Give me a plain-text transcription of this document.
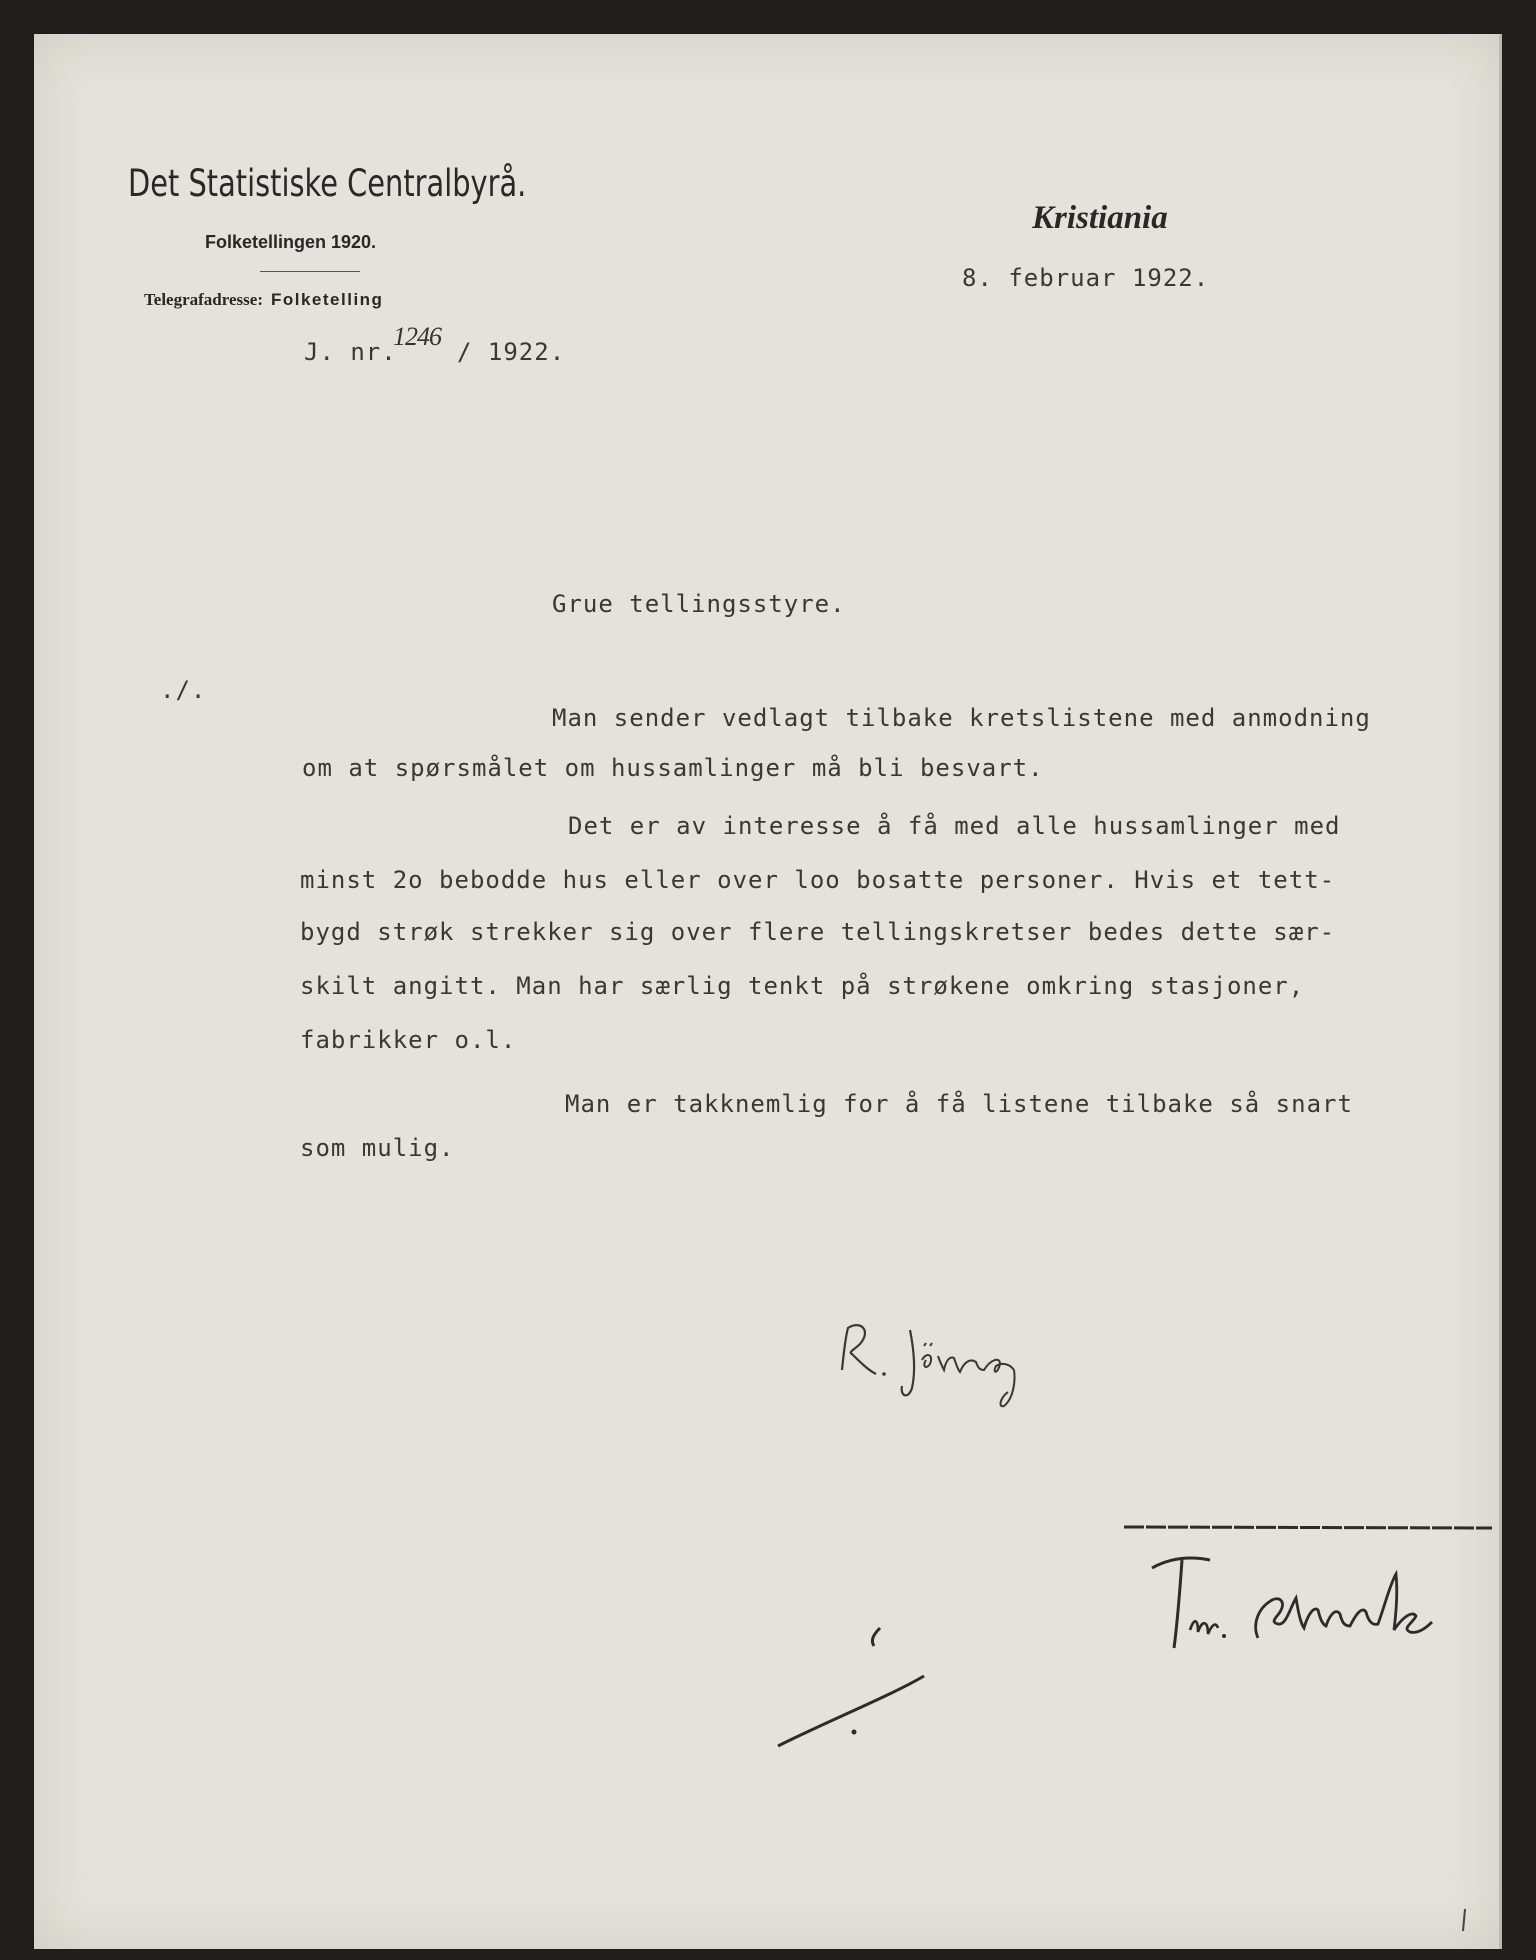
Det Statistiske Centralbyrå.
Folketellingen 1920.
Telegrafadresse: Folketelling
J. nr.
1246
/ 1922.
Kristiania
8. februar 1922.
Grue tellingsstyre.
./.
Man sender vedlagt tilbake kretslistene med anmodning
om at spørsmålet om hussamlinger må bli besvart.
Det er av interesse å få med alle hussamlinger med
minst 2o bebodde hus eller over loo bosatte personer. Hvis et tett-
bygd strøk strekker sig over flere tellingskretser bedes dette sær-
skilt angitt. Man har særlig tenkt på strøkene omkring stasjoner,
fabrikker o.l.
Man er takknemlig for å få listene tilbake så snart
som mulig.
